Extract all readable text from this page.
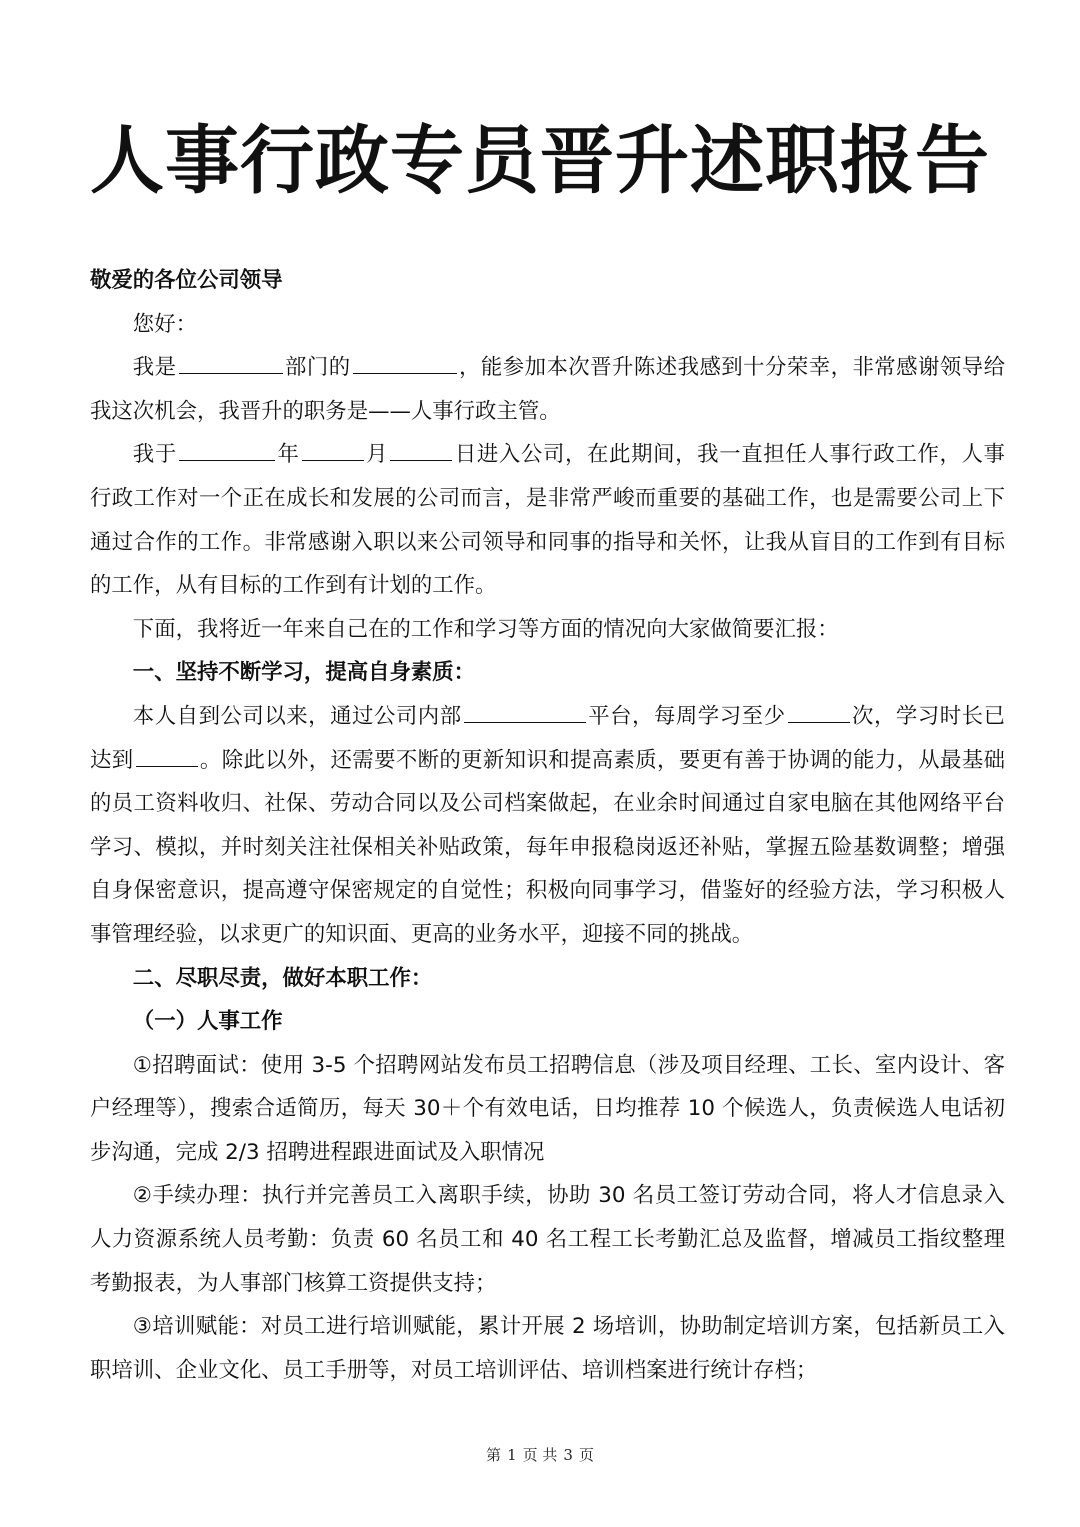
人事行政专员晋升述职报告

敬爱的各位公司领导

您好：

我是	部门的	，能参加本次晋升陈述我感到十分荣幸，非常感谢领导给我这次机会，我晋升的职务是——人事行政主管。

我于	年	月	日进入公司，在此期间，我一直担任人事行政工作，人事行政工作对一个正在成长和发展的公司而言，是非常严峻而重要的基础工作，也是需要公司上下通过合作的工作。非常感谢入职以来公司领导和同事的指导和关怀，让我从盲目的工作到有目标的工作，从有目标的工作到有计划的工作。

下面，我将近一年来自己在的工作和学习等方面的情况向大家做简要汇报：

一、坚持不断学习，提高自身素质：

本人自到公司以来，通过公司内部	平台，每周学习至少	次，学习时长已达到	。除此以外，还需要不断的更新知识和提高素质，要更有善于协调的能力，从最基础的员工资料收归、社保、劳动合同以及公司档案做起，在业余时间通过自家电脑在其他网络平台学习、模拟，并时刻关注社保相关补贴政策，每年申报稳岗返还补贴，掌握五险基数调整；增强自身保密意识，提高遵守保密规定的自觉性；积极向同事学习，借鉴好的经验方法，学习积极人事管理经验，以求更广的知识面、更高的业务水平，迎接不同的挑战。

二、尽职尽责，做好本职工作：

（一）人事工作

①招聘面试：使用 3-5 个招聘网站发布员工招聘信息（涉及项目经理、工长、室内设计、客户经理等），搜索合适简历，每天 30＋个有效电话，日均推荐 10 个候选人，负责候选人电话初步沟通，完成 2/3 招聘进程跟进面试及入职情况

②手续办理：执行并完善员工入离职手续，协助 30 名员工签订劳动合同，将人才信息录入人力资源系统人员考勤：负责 60 名员工和 40 名工程工长考勤汇总及监督，增减员工指纹整理考勤报表，为人事部门核算工资提供支持；

③培训赋能：对员工进行培训赋能，累计开展 2 场培训，协助制定培训方案，包括新员工入职培训、企业文化、员工手册等，对员工培训评估、培训档案进行统计存档；

第 1 页 共 3 页
